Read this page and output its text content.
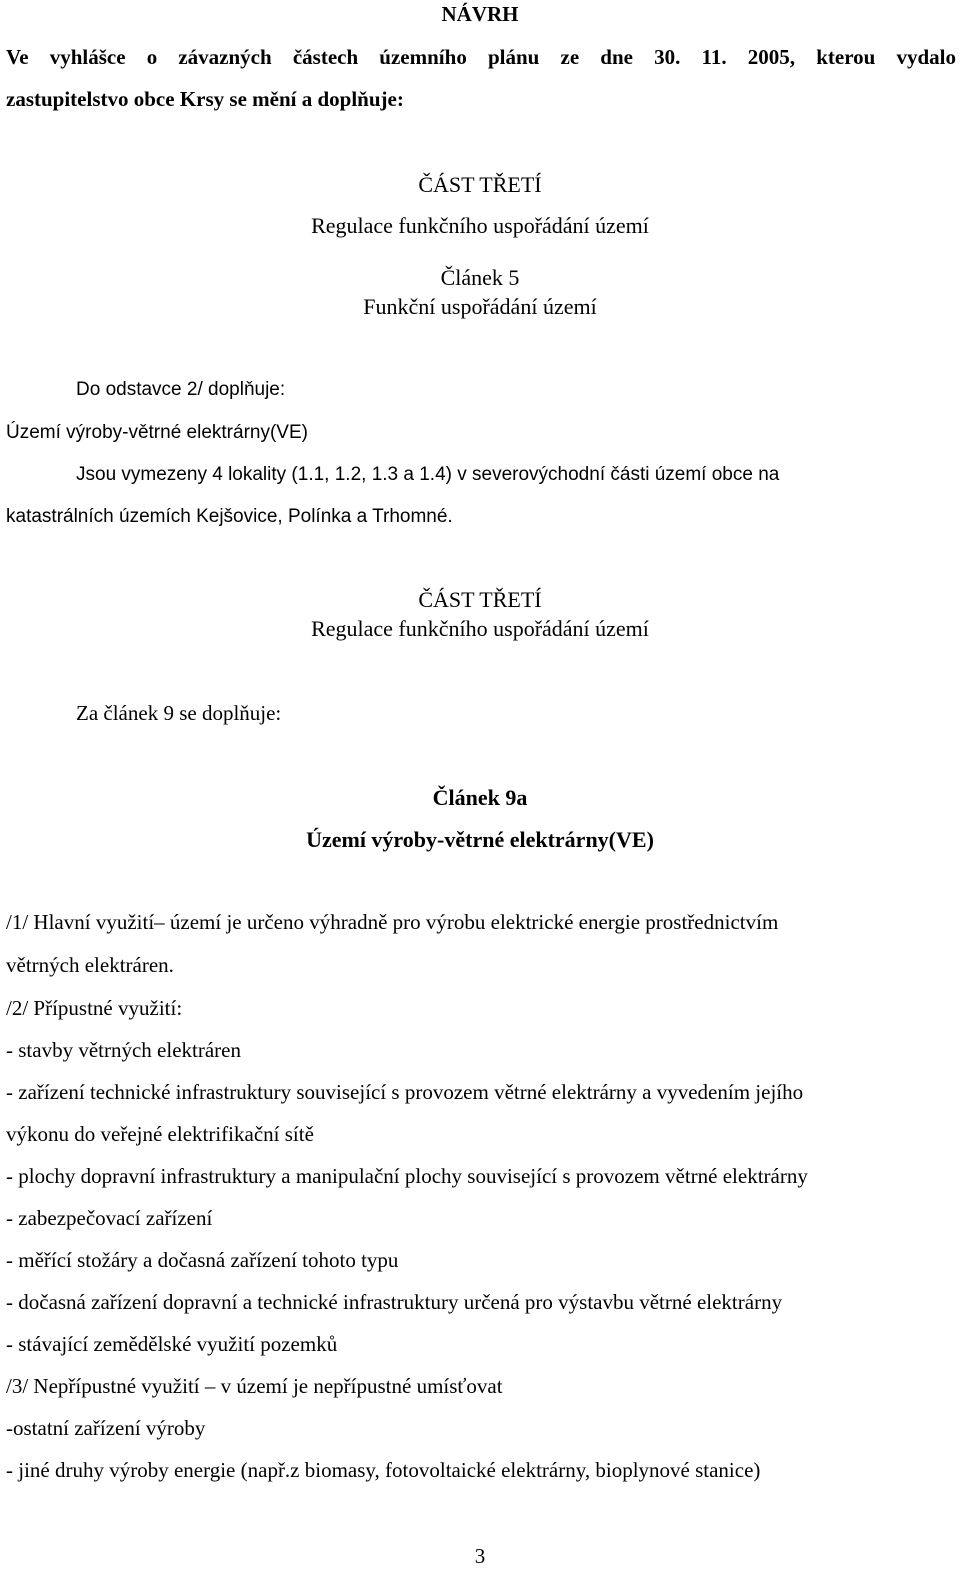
NÁVRH
Ve vyhlášce o závazných částech územního plánu ze dne 30. 11. 2005, kterou vydalo
zastupitelstvo obce Krsy se mění a doplňuje:
ČÁST TŘETÍ
Regulace funkčního uspořádání území
Článek 5
Funkční uspořádání území
Do odstavce 2/ doplňuje:
Území výroby-větrné elektrárny(VE)
Jsou vymezeny 4 lokality (1.1, 1.2, 1.3 a 1.4) v severovýchodní části území obce na
katastrálních územích Kejšovice, Polínka a Trhomné.
ČÁST TŘETÍ
Regulace funkčního uspořádání území
Za článek 9 se doplňuje:
Článek 9a
Území výroby-větrné elektrárny(VE)
/1/ Hlavní využití– území je určeno výhradně pro výrobu elektrické energie prostřednictvím
větrných elektráren.
/2/ Přípustné využití:
- stavby větrných elektráren
- zařízení technické infrastruktury související s provozem větrné elektrárny a vyvedením jejího
výkonu do veřejné elektrifikační sítě
- plochy dopravní infrastruktury a manipulační plochy související s provozem větrné elektrárny
- zabezpečovací zařízení
- měřící stožáry a dočasná zařízení tohoto typu
- dočasná zařízení dopravní a technické infrastruktury určená pro výstavbu větrné elektrárny
- stávající zemědělské využití pozemků
/3/ Nepřípustné využití – v území je nepřípustné umísťovat
-ostatní zařízení výroby
- jiné druhy výroby energie (např.z biomasy, fotovoltaické elektrárny, bioplynové stanice)
3
